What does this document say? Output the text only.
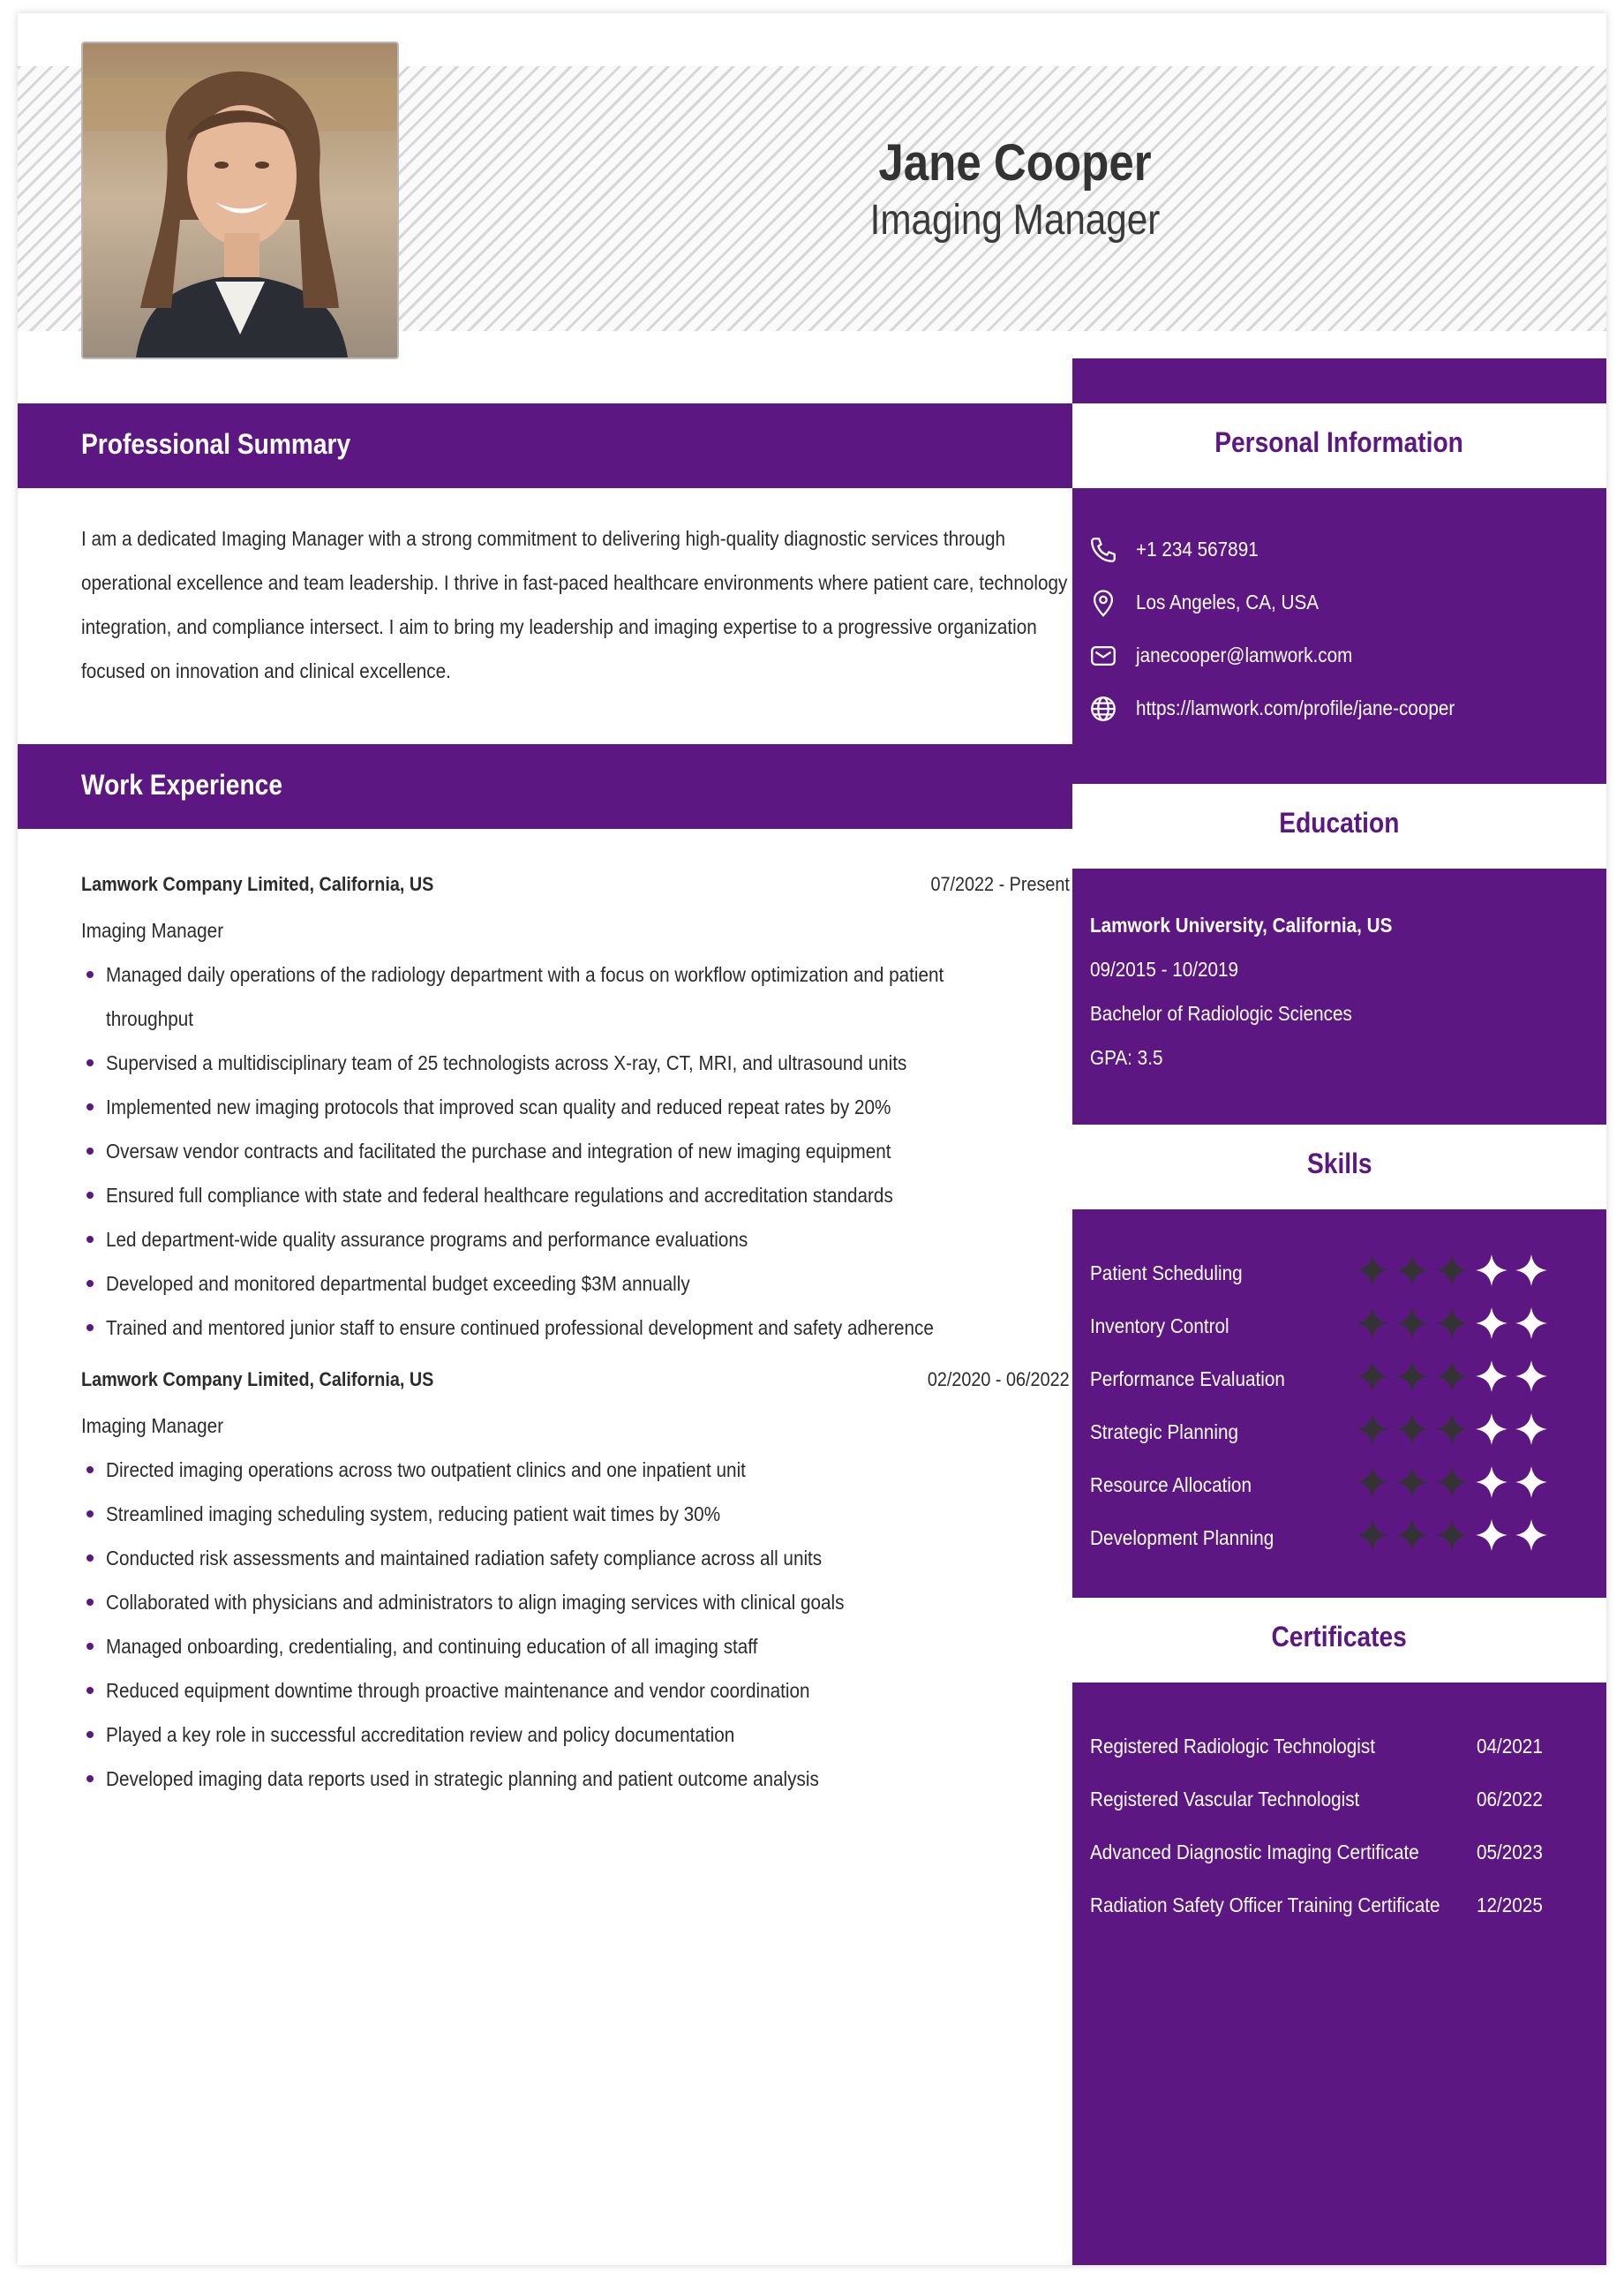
Jane Cooper
Imaging Manager
Professional Summary
I am a dedicated Imaging Manager with a strong commitment to delivering high-quality diagnostic services through operational excellence and team leadership. I thrive in fast-paced healthcare environments where patient care, technology integration, and compliance intersect. I aim to bring my leadership and imaging expertise to a progressive organization focused on innovation and clinical excellence.
Work Experience
Lamwork Company Limited, California, US	07/2022 - Present
Imaging Manager
Managed daily operations of the radiology department with a focus on workflow optimization and patient throughput
Supervised a multidisciplinary team of 25 technologists across X-ray, CT, MRI, and ultrasound units
Implemented new imaging protocols that improved scan quality and reduced repeat rates by 20%
Oversaw vendor contracts and facilitated the purchase and integration of new imaging equipment
Ensured full compliance with state and federal healthcare regulations and accreditation standards
Led department-wide quality assurance programs and performance evaluations
Developed and monitored departmental budget exceeding $3M annually
Trained and mentored junior staff to ensure continued professional development and safety adherence
Lamwork Company Limited, California, US	02/2020 - 06/2022
Imaging Manager
Directed imaging operations across two outpatient clinics and one inpatient unit
Streamlined imaging scheduling system, reducing patient wait times by 30%
Conducted risk assessments and maintained radiation safety compliance across all units
Collaborated with physicians and administrators to align imaging services with clinical goals
Managed onboarding, credentialing, and continuing education of all imaging staff
Reduced equipment downtime through proactive maintenance and vendor coordination
Played a key role in successful accreditation review and policy documentation
Developed imaging data reports used in strategic planning and patient outcome analysis
Personal Information
+1 234 567891
Los Angeles, CA, USA
janecooper@lamwork.com
https://lamwork.com/profile/jane-cooper
Education
Lamwork University, California, US
09/2015 - 10/2019
Bachelor of Radiologic Sciences
GPA: 3.5
Skills
Patient Scheduling
Inventory Control
Performance Evaluation
Strategic Planning
Resource Allocation
Development Planning
Certificates
Registered Radiologic Technologist	04/2021
Registered Vascular Technologist	06/2022
Advanced Diagnostic Imaging Certificate	05/2023
Radiation Safety Officer Training Certificate 12/2025
